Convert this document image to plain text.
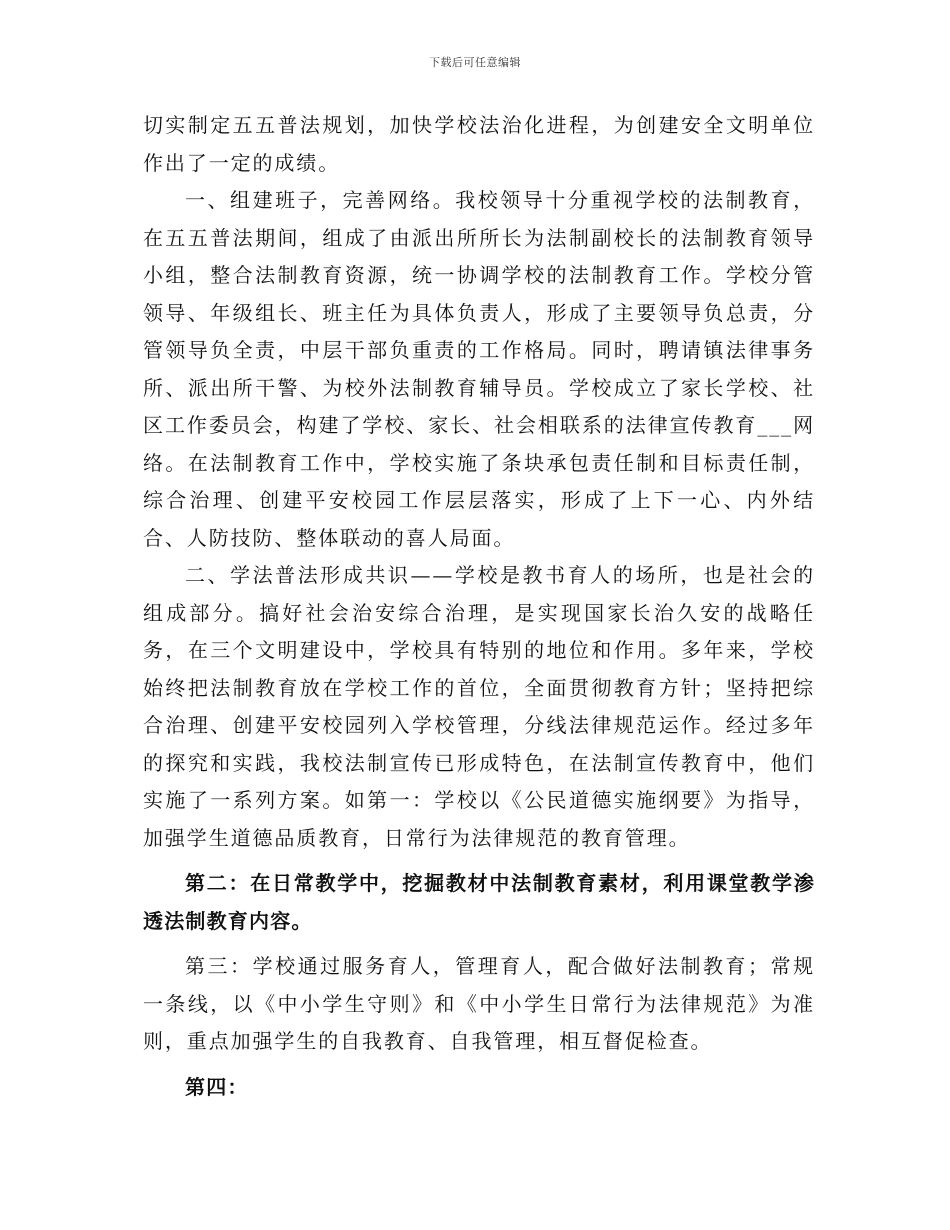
下载后可任意编辑

切实制定五五普法规划，加快学校法治化进程，为创建安全文明单位作出了一定的成绩。

一、组建班子，完善网络。我校领导十分重视学校的法制教育，在五五普法期间，组成了由派出所所长为法制副校长的法制教育领导小组，整合法制教育资源，统一协调学校的法制教育工作。学校分管领导、年级组长、班主任为具体负责人，形成了主要领导负总责，分管领导负全责，中层干部负重责的工作格局。同时，聘请镇法律事务所、派出所干警、为校外法制教育辅导员。学校成立了家长学校、社区工作委员会，构建了学校、家长、社会相联系的法律宣传教育___网络。在法制教育工作中，学校实施了条块承包责任制和目标责任制，综合治理、创建平安校园工作层层落实，形成了上下一心、内外结合、人防技防、整体联动的喜人局面。

二、学法普法形成共识——学校是教书育人的场所，也是社会的组成部分。搞好社会治安综合治理，是实现国家长治久安的战略任务，在三个文明建设中，学校具有特别的地位和作用。多年来，学校始终把法制教育放在学校工作的首位，全面贯彻教育方针；坚持把综合治理、创建平安校园列入学校管理，分线法律规范运作。经过多年的探究和实践，我校法制宣传已形成特色，在法制宣传教育中，他们实施了一系列方案。如第一：学校以《公民道德实施纲要》为指导，加强学生道德品质教育，日常行为法律规范的教育管理。

第二：在日常教学中，挖掘教材中法制教育素材，利用课堂教学渗透法制教育内容。

第三：学校通过服务育人，管理育人，配合做好法制教育；常规一条线，以《中小学生守则》和《中小学生日常行为法律规范》为准则，重点加强学生的自我教育、自我管理，相互督促检查。

第四：
